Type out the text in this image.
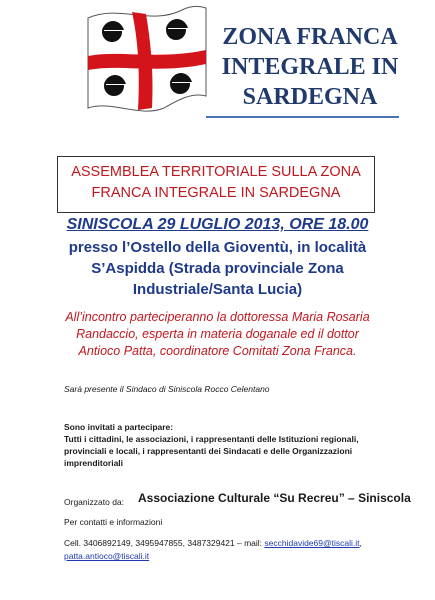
ZONA FRANCA
INTEGRALE IN
SARDEGNA
ASSEMBLEA TERRITORIALE SULLA ZONA
FRANCA INTEGRALE IN SARDEGNA
SINISCOLA 29 LUGLIO 2013, ORE 18.00
presso l’Ostello della Gioventù, in località
S’Aspidda (Strada provinciale Zona
Industriale/Santa Lucia)
All’incontro parteciperanno la dottoressa Maria Rosaria
Randaccio, esperta in materia doganale ed il dottor
Antioco Patta, coordinatore Comitati Zona Franca.
Sarà presente il Sindaco di Siniscola Rocco Celentano
Sono invitati a partecipare:
Tutti i cittadini, le associazioni, i rappresentanti delle Istituzioni regionali,
provinciali e locali, i rappresentanti dei Sindacati e delle Organizzazioni
imprenditoriali
Organizzato da: Associazione Culturale “Su Recreu” – Siniscola
Per contatti e informazioni
Cell. 3406892149, 3495947855, 3487329421 – mail: secchidavide69@tiscali.it,
patta.antioco@tiscali.it
